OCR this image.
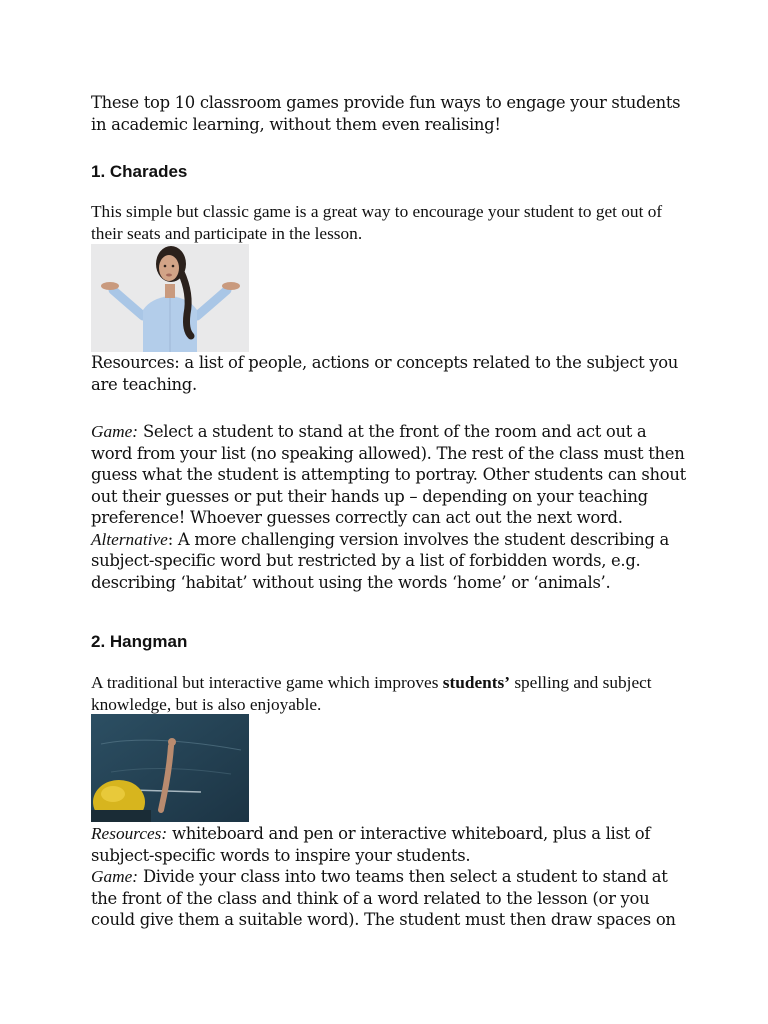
These top 10 classroom games provide fun ways to engage your students in academic learning, without them even realising!
1. Charades
This simple but classic game is a great way to encourage your student to get out of their seats and participate in the lesson.
Resources: a list of people, actions or concepts related to the subject you are teaching.
Game: Select a student to stand at the front of the room and act out a word from your list (no speaking allowed). The rest of the class must then guess what the student is attempting to portray. Other students can shout out their guesses or put their hands up – depending on your teaching preference! Whoever guesses correctly can act out the next word.
Alternative: A more challenging version involves the student describing a subject-specific word but restricted by a list of forbidden words, e.g. describing ‘habitat’ without using the words ‘home’ or ‘animals’.
2. Hangman
A traditional but interactive game which improves students’ spelling and subject knowledge, but is also enjoyable.
Resources: whiteboard and pen or interactive whiteboard, plus a list of subject-specific words to inspire your students.
Game: Divide your class into two teams then select a student to stand at the front of the class and think of a word related to the lesson (or you could give them a suitable word). The student must then draw spaces on
